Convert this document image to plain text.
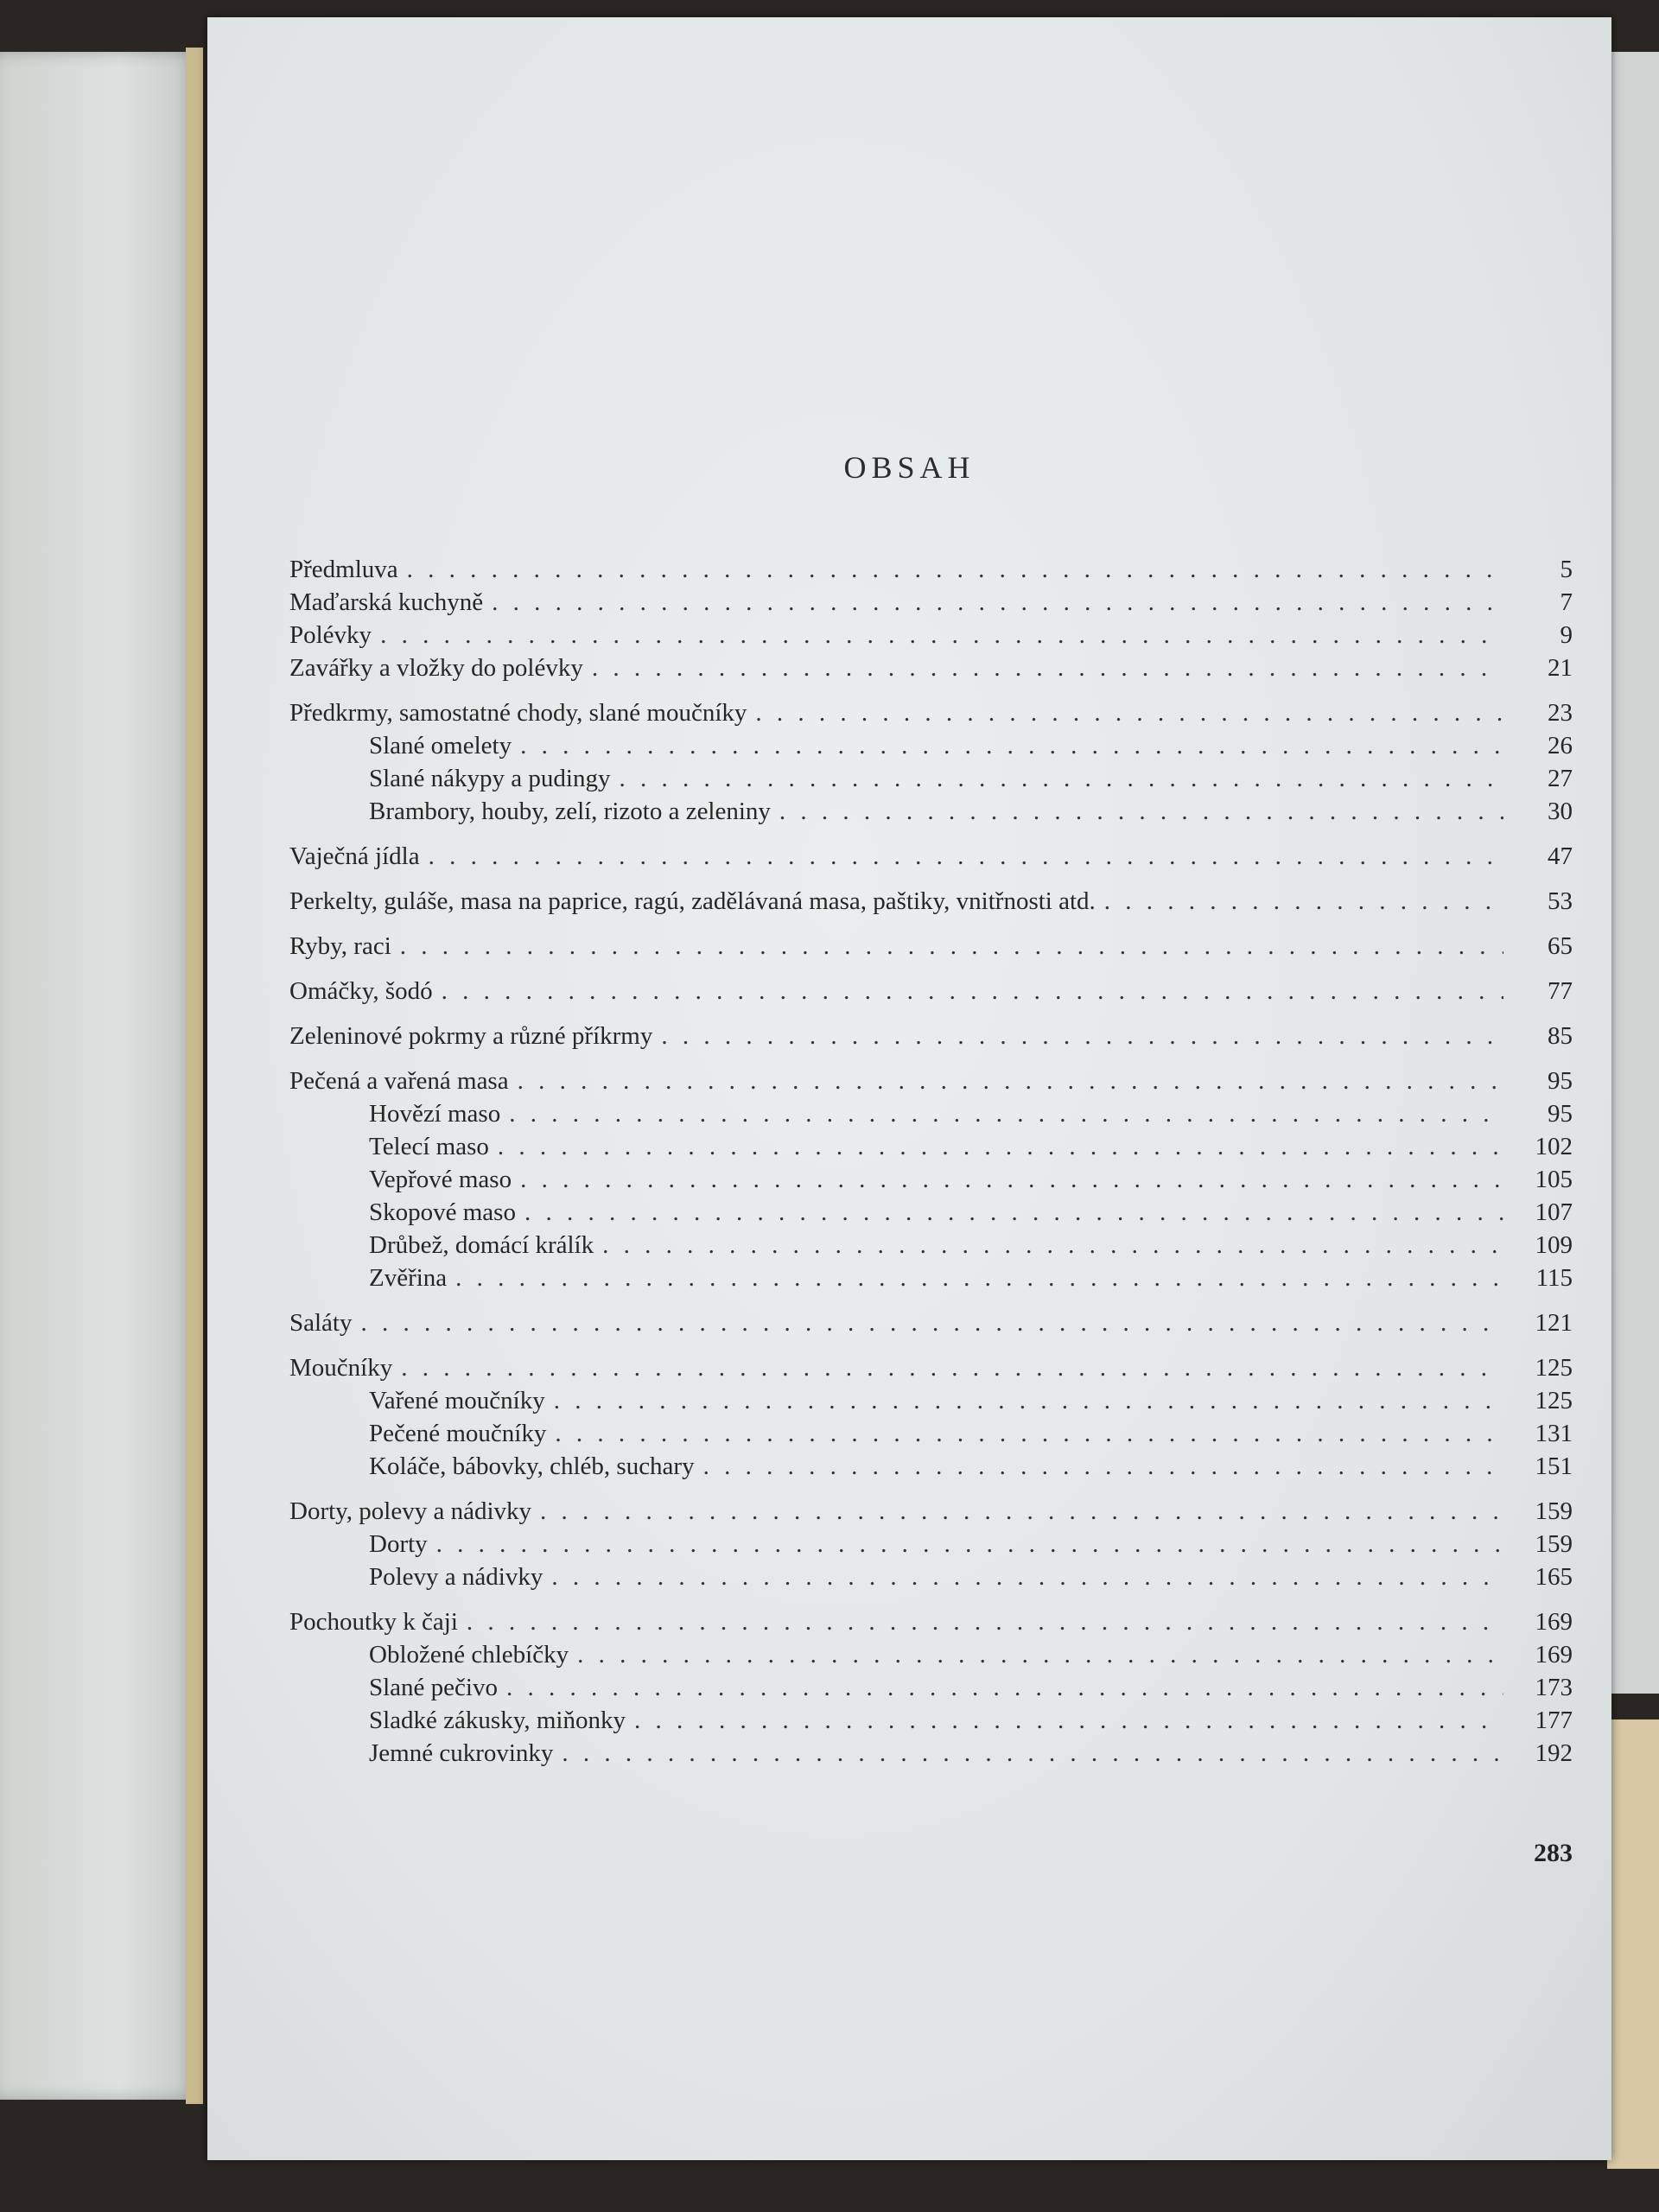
OBSAH
Předmluva . . .	5
Maďarská kuchyně . . .	7
Polévky . . .	9
Zavářky a vložky do polévky . . .	21
Předkrmy, samostatné chody, slané moučníky . . .	23
Slané omelety . . .	26
Slané nákypy a pudingy . . .	27
Brambory, houby, zelí, rizoto a zeleniny . . .	30
Vaječná jídla . . .	47
Perkelty, guláše, masa na paprice, ragú, zadělávaná masa, paštiky, vnitřnosti atd. . . .	53
Ryby, raci . . .	65
Omáčky, šodó . . .	77
Zeleninové pokrmy a různé příkrmy . . .	85
Pečená a vařená masa . . .	95
Hovězí maso . . .	95
Telecí maso . . .	102
Vepřové maso . . .	105
Skopové maso . . .	107
Drůbež, domácí králík . . .	109
Zvěřina . . .	115
Saláty . . .	121
Moučníky . . .	125
Vařené moučníky . . .	125
Pečené moučníky . . .	131
Koláče, bábovky, chléb, suchary . . .	151
Dorty, polevy a nádivky . . .	159
Dorty . . .	159
Polevy a nádivky . . .	165
Pochoutky k čaji . . .	169
Obložené chlebíčky . . .	169
Slané pečivo . . .	173
Sladké zákusky, miňonky . . .	177
Jemné cukrovinky . . .	192
283
